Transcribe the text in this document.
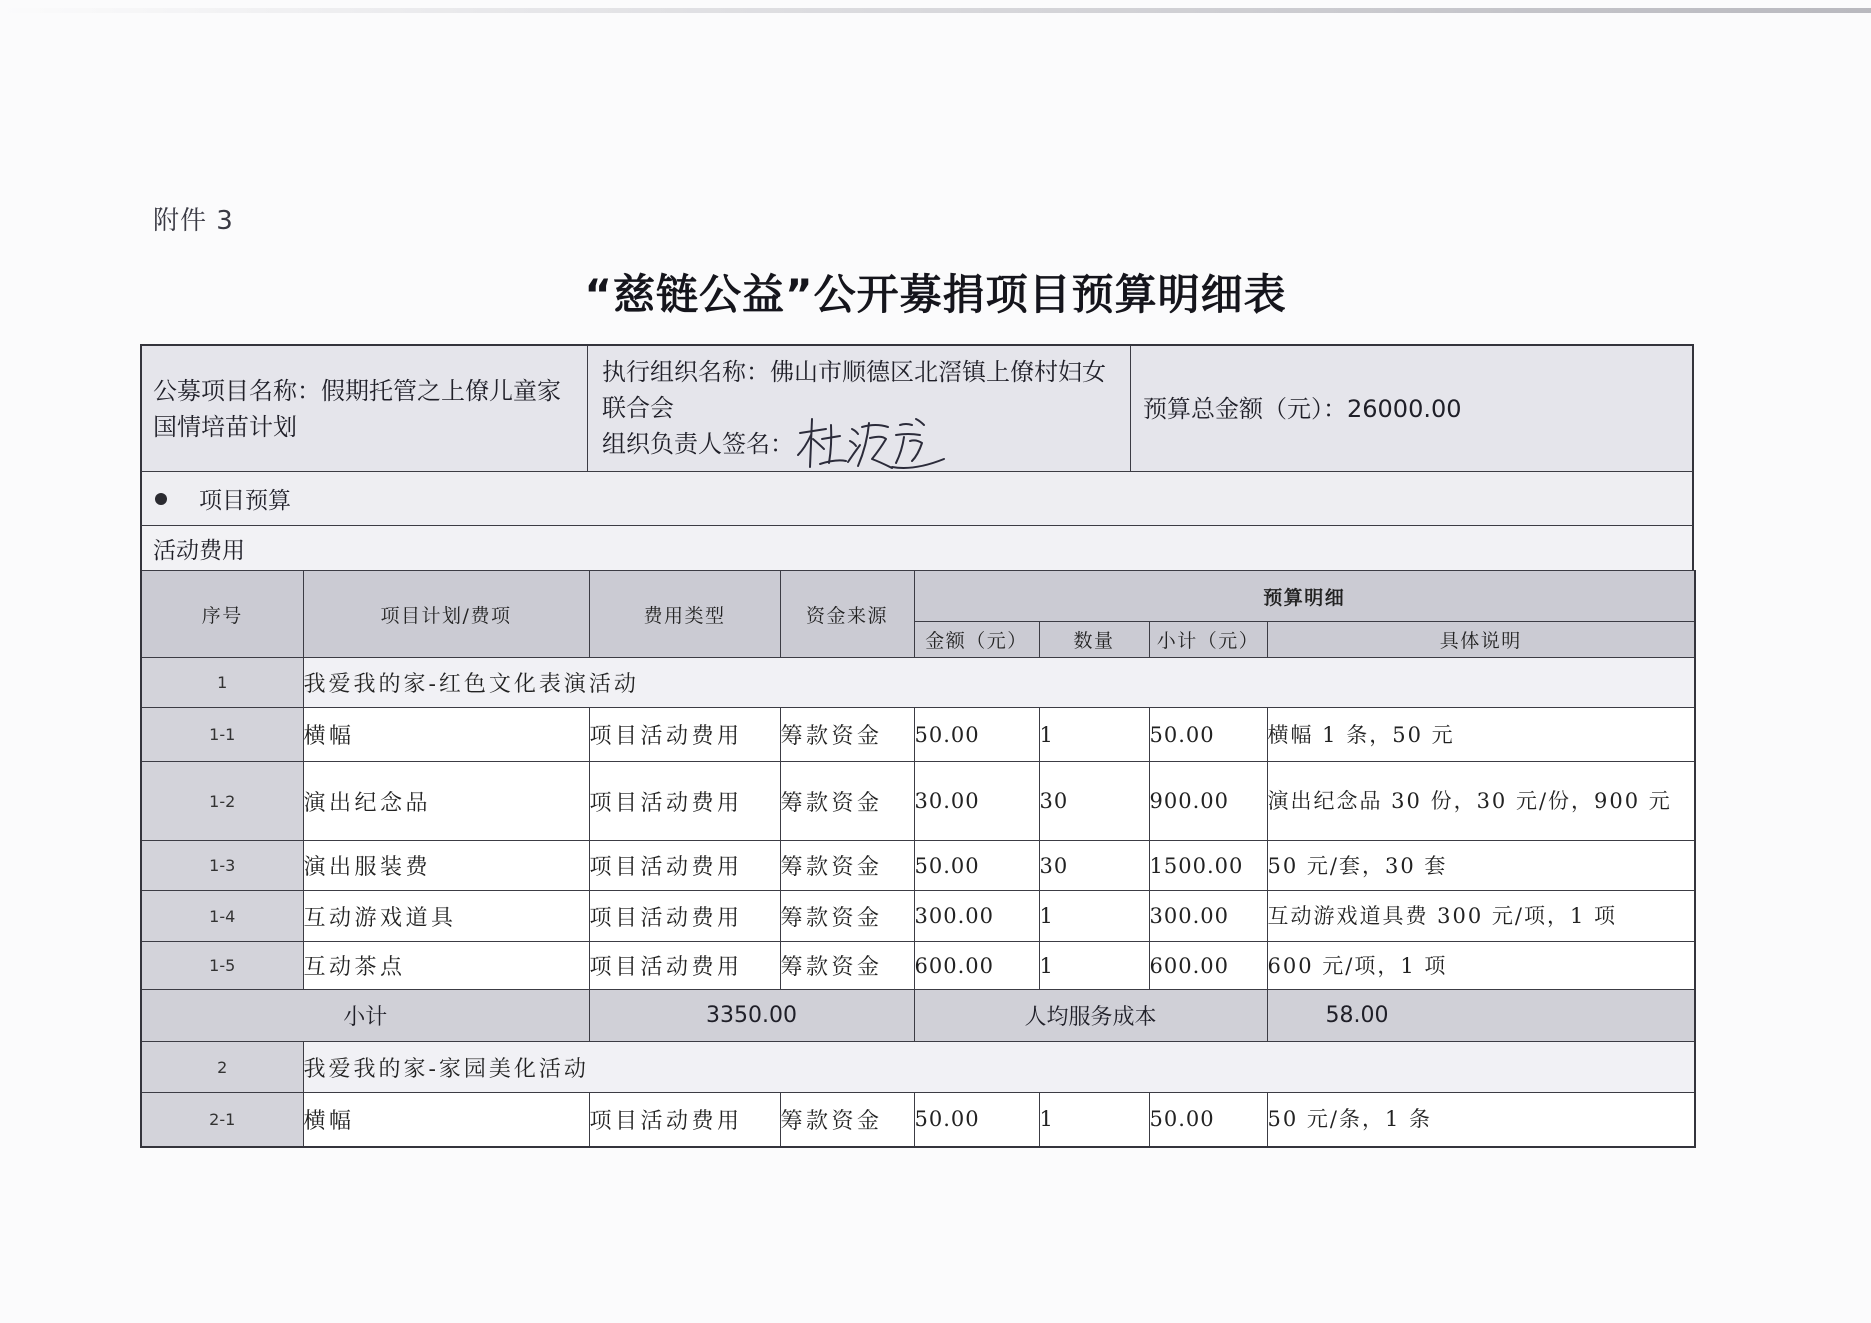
附件 3
“慈链公益”公开募捐项目预算明细表
公募项目名称：假期托管之上僚儿童家国情培苗计划
执行组织名称：佛山市顺德区北滘镇上僚村妇女联合会
组织负责人签名：
预算总金额（元）：26000.00
项目预算
活动费用
序号	项目计划/费项	费用类型	资金来源	预算明细			
				金额（元）	数量	小计（元）	具体说明
1	我爱我的家-红色文化表演活动						
1-1	横幅	项目活动费用	筹款资金	50.00	1	50.00	横幅 1 条，50 元
1-2	演出纪念品	项目活动费用	筹款资金	30.00	30	900.00	演出纪念品 30 份，30 元/份，900 元
1-3	演出服装费	项目活动费用	筹款资金	50.00	30	1500.00	50 元/套，30 套
1-4	互动游戏道具	项目活动费用	筹款资金	300.00	1	300.00	互动游戏道具费 300 元/项，1 项
1-5	互动茶点	项目活动费用	筹款资金	600.00	1	600.00	600 元/项，1 项
小计		3350.00		人均服务成本			58.00
2	我爱我的家-家园美化活动						
2-1	横幅	项目活动费用	筹款资金	50.00	1	50.00	50 元/条，1 条
